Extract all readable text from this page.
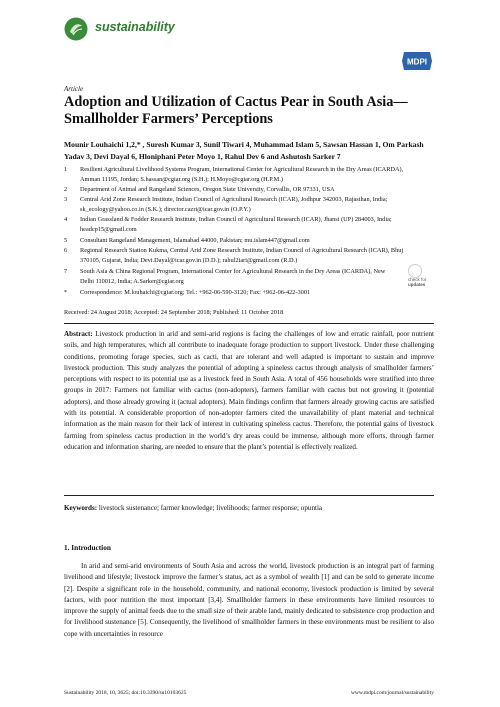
sustainability
MDPI
Article
Adoption and Utilization of Cactus Pear in South Asia—Smallholder Farmers’ Perceptions
Mounir Louhaichi 1,2,* , Suresh Kumar 3, Sunil Tiwari 4, Muhammad Islam 5, Sawsan Hassan 1, Om Parkash Yadav 3, Devi Dayal 6, Hloniphani Peter Moyo 1, Rahul Dev 6 and Ashutosh Sarker 7
1	Resilient Agricultural Livelihood Systems Program, International Center for Agricultural Research in the Dry Areas (ICARDA), Amman 11195, Jordan; S.hassan@cgiar.org (S.H.); H.Moyo@cgiar.org (H.P.M.)
2	Department of Animal and Rangeland Sciences, Oregon State University, Corvallis, OR 97331, USA
3	Central Arid Zone Research Institute, Indian Council of Agricultural Research (ICAR), Jodhpur 342003, Rajasthan, India; sk_ecology@yahoo.co.in (S.K.); director.cazri@icar.gov.in (O.P.Y.)
4	Indian Grassland & Fodder Research Institute, Indian Council of Agricultural Research (ICAR), Jhansi (UP) 284003, India; headcp15@gmail.com
5	Consultant Rangeland Management, Islamabad 44000, Pakistan; mu.islam447@gmail.com
6	Regional Research Station Kukma, Central Arid Zone Research Institute, Indian Council of Agricultural Research (ICAR), Bhuj 370105, Gujarat, India; Devi.Dayal@icar.gov.in (D.D.); rahul2iari@gmail.com (R.D.)
7	South Asia & China Regional Program, International Center for Agricultural Research in the Dry Areas (ICARDA), New Delhi 110012, India; A.Sarker@cgiar.org
*	Correspondence: M.louhaichi@cgiar.org; Tel.: +962-06-590-3120; Fax: +962-06-422-3001
check for
updates
Received: 24 August 2018; Accepted: 24 September 2018; Published: 11 October 2018
Abstract: Livestock production in arid and semi-arid regions is facing the challenges of low and erratic rainfall, poor nutrient soils, and high temperatures, which all contribute to inadequate forage production to support livestock. Under these challenging conditions, promoting forage species, such as cacti, that are tolerant and well adapted is important to sustain and improve livestock production. This study analyzes the potential of adopting a spineless cactus through analysis of smallholder farmers’ perceptions with respect to its potential use as a livestock feed in South Asia. A total of 456 households were stratified into three groups in 2017: Farmers not familiar with cactus (non-adopters), farmers familiar with cactus but not growing it (potential adopters), and those already growing it (actual adopters). Main findings confirm that farmers already growing cactus are satisfied with its potential. A considerable proportion of non-adopter farmers cited the unavailability of plant material and technical information as the main reason for their lack of interest in cultivating spineless cactus. Therefore, the potential gains of livestock farming from spineless cactus production in the world’s dry areas could be immense, although more efforts, through farmer education and information sharing, are needed to ensure that the plant’s potential is effectively realized.
Keywords: livestock sustenance; farmer knowledge; livelihoods; farmer response; opuntia
1. Introduction
In arid and semi-arid environments of South Asia and across the world, livestock production is an integral part of farming livelihood and lifestyle; livestock improve the farmer’s status, act as a symbol of wealth [1] and can be sold to generate income [2]. Despite a significant role in the household, community, and national economy, livestock production is limited by several factors, with poor nutrition the most important [3,4]. Smallholder farmers in these environments have limited resources to improve the supply of animal feeds due to the small size of their arable land, mainly dedicated to subsistence crop production and for livelihood sustenance [5]. Consequently, the livelihood of smallholder farmers in these environments must be resilient to also cope with uncertainties in resource
Sustainability 2018, 10, 3625; doi:10.3390/su10103625	www.mdpi.com/journal/sustainability
